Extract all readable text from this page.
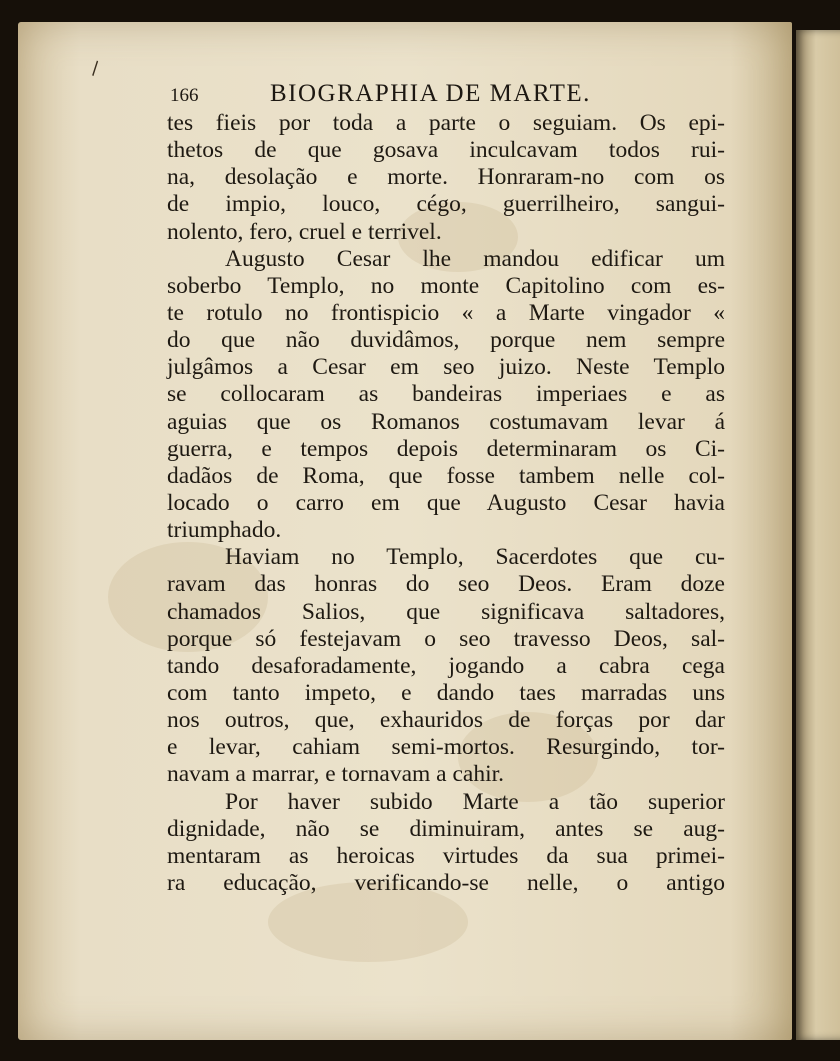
166	BIOGRAPHIA DE MARTE.
tes fieis por toda a parte o seguiam. Os epi-
thetos de que gosava inculcavam todos rui-
na, desolação e morte. Honraram-no com os
de impio, louco, cégo, guerrilheiro, sangui-
nolento, fero, cruel e terrivel.
Augusto Cesar lhe mandou edificar um
soberbo Templo, no monte Capitolino com es-
te rotulo no frontispicio « a Marte vingador «
do que não duvidâmos, porque nem sempre
julgâmos a Cesar em seo juizo. Neste Templo
se collocaram as bandeiras imperiaes e as
aguias que os Romanos costumavam levar á
guerra, e tempos depois determinaram os Ci-
dadãos de Roma, que fosse tambem nelle col-
locado o carro em que Augusto Cesar havia
triumphado.
Haviam no Templo, Sacerdotes que cu-
ravam das honras do seo Deos. Eram doze
chamados Salios, que significava saltadores,
porque só festejavam o seo travesso Deos, sal-
tando desaforadamente, jogando a cabra cega
com tanto impeto, e dando taes marradas uns
nos outros, que, exhauridos de forças por dar
e levar, cahiam semi-mortos. Resurgindo, tor-
navam a marrar, e tornavam a cahir.
Por haver subido Marte a tão superior
dignidade, não se diminuiram, antes se aug-
mentaram as heroicas virtudes da sua primei-
ra educação, verificando-se nelle, o antigo
\
